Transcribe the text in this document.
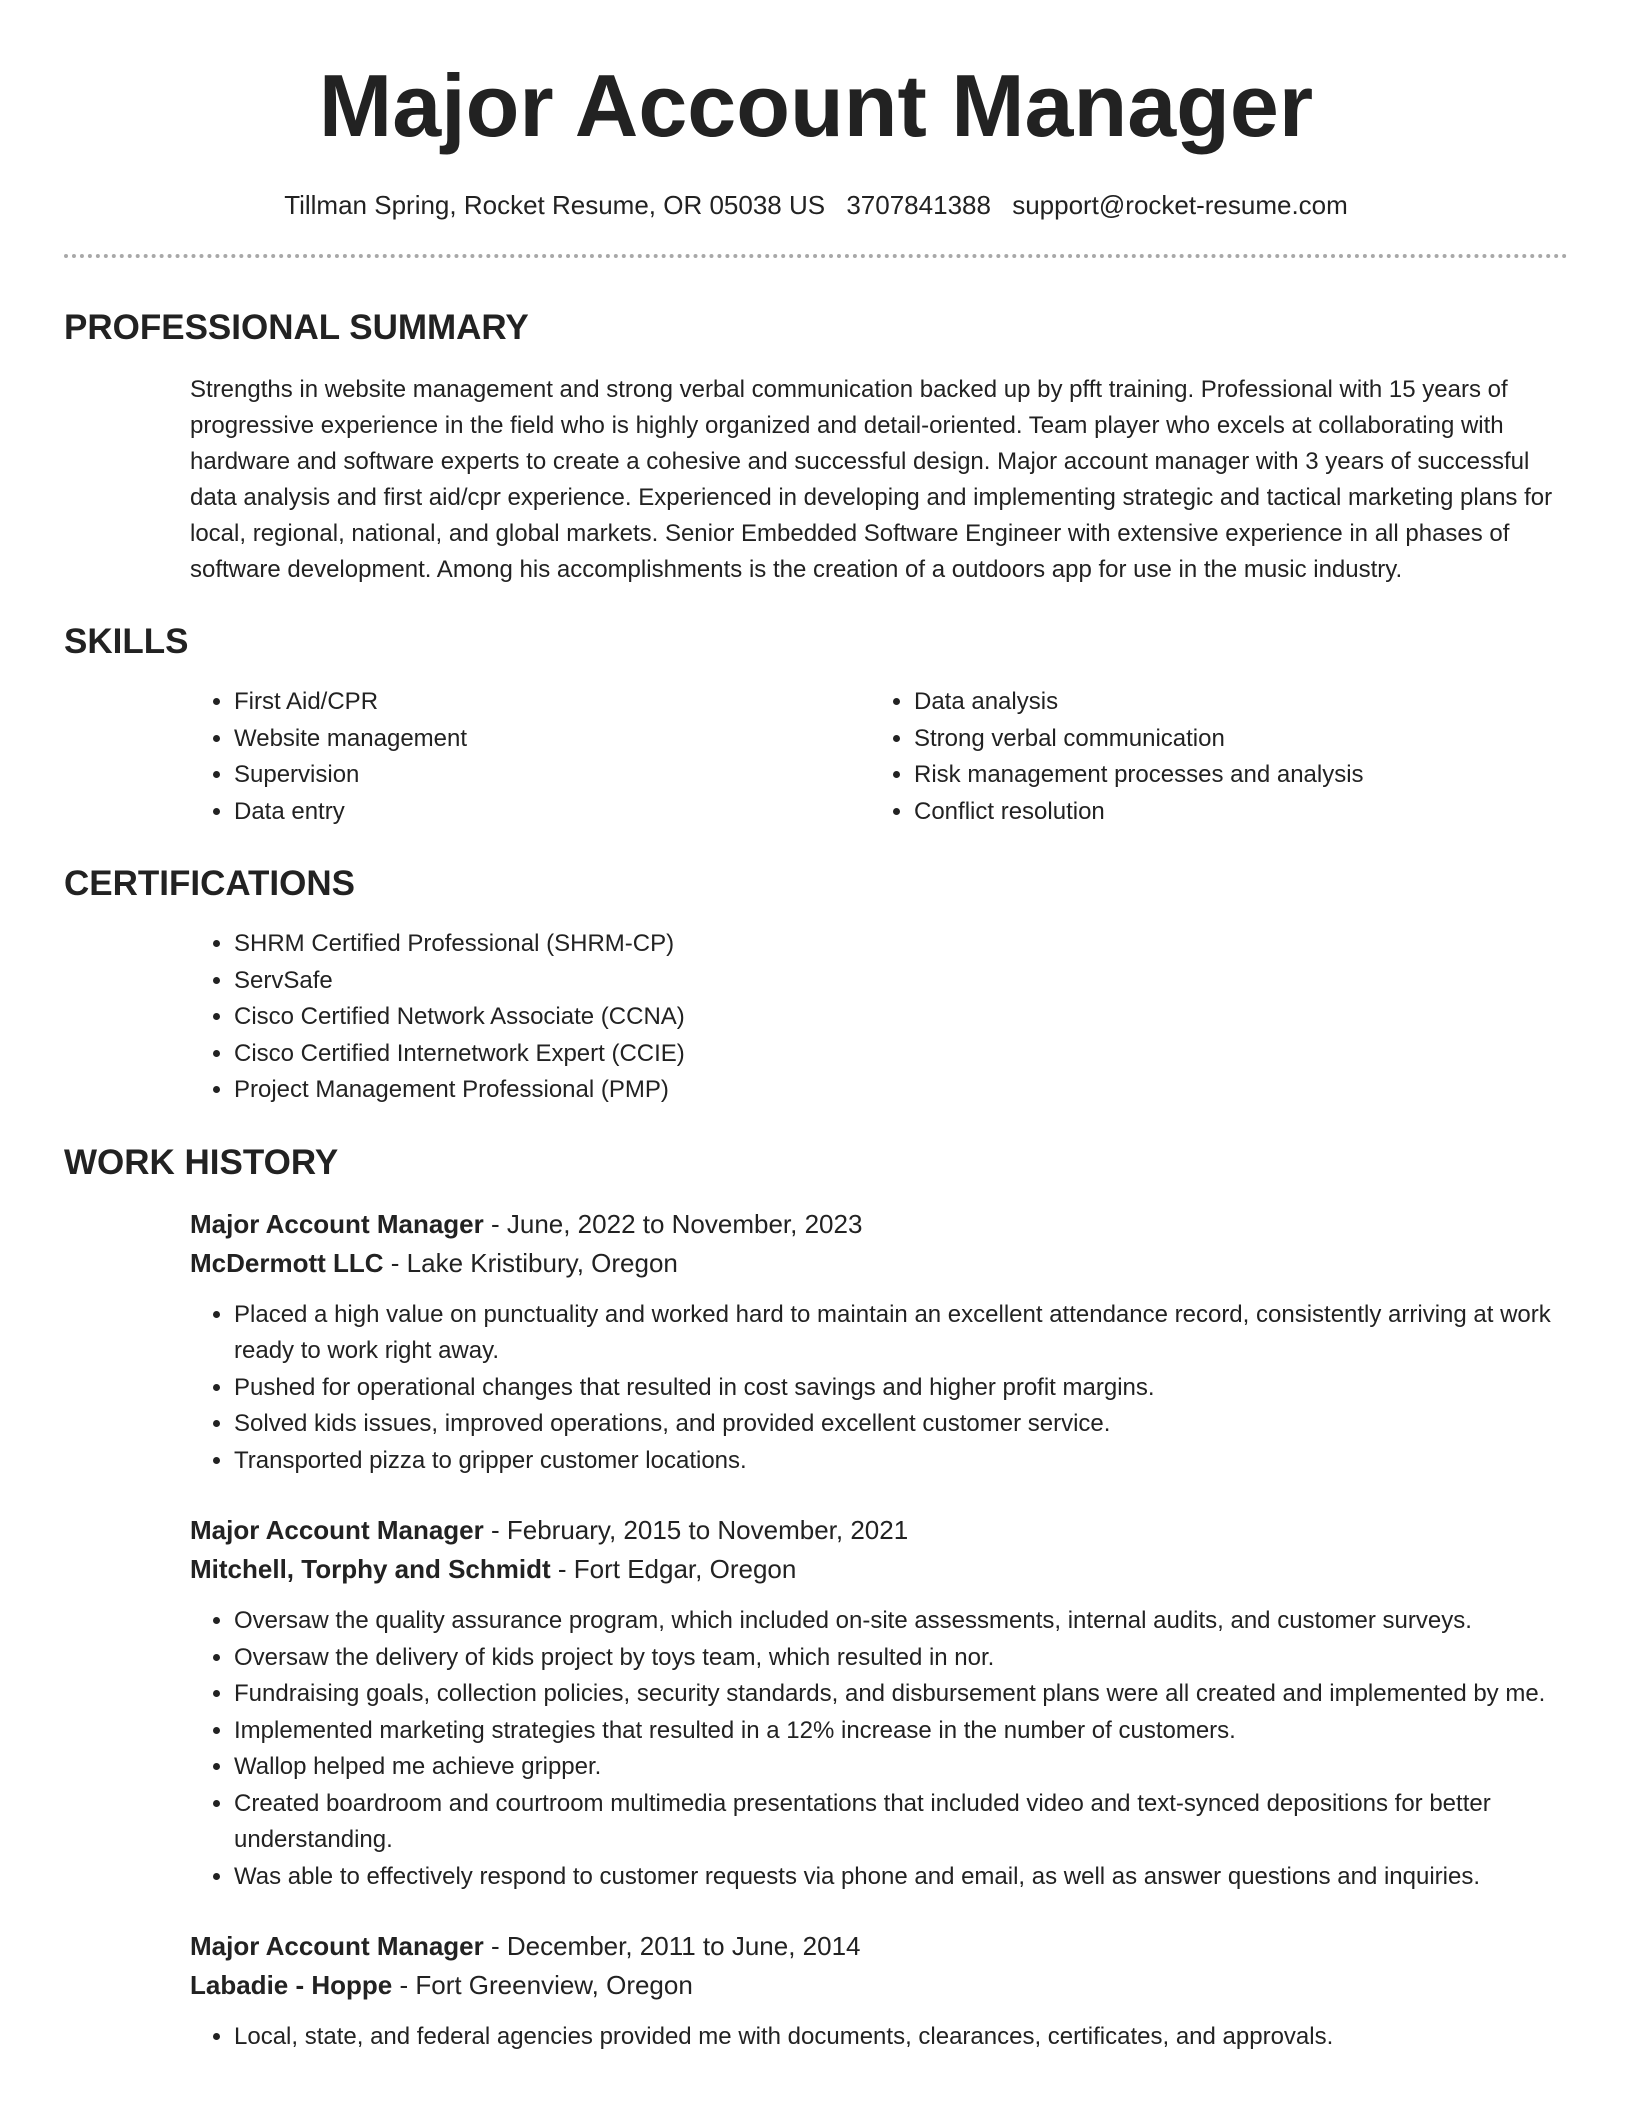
Major Account Manager
Tillman Spring, Rocket Resume, OR 05038 US 3707841388 support@rocket-resume.com
PROFESSIONAL SUMMARY

Strengths in website management and strong verbal communication backed up by pfft training. Professional with 15 years of progressive experience in the field who is highly organized and detail-oriented. Team player who excels at collaborating with hardware and software experts to create a cohesive and successful design. Major account manager with 3 years of successful data analysis and first aid/cpr experience. Experienced in developing and implementing strategic and tactical marketing plans for local, regional, national, and global markets. Senior Embedded Software Engineer with extensive experience in all phases of software development. Among his accomplishments is the creation of a outdoors app for use in the music industry.

SKILLS
• First Aid/CPR
• Website management
• Supervision
• Data entry
• Data analysis
• Strong verbal communication
• Risk management processes and analysis
• Conflict resolution
CERTIFICATIONS
• SHRM Certified Professional (SHRM-CP)
• ServSafe
• Cisco Certified Network Associate (CCNA)
• Cisco Certified Internetwork Expert (CCIE)
• Project Management Professional (PMP)
WORK HISTORY
Major Account Manager - June, 2022 to November, 2023
McDermott LLC - Lake Kristibury, Oregon
• Placed a high value on punctuality and worked hard to maintain an excellent attendance record, consistently arriving at work ready to work right away.
• Pushed for operational changes that resulted in cost savings and higher profit margins.
• Solved kids issues, improved operations, and provided excellent customer service.
• Transported pizza to gripper customer locations.
Major Account Manager - February, 2015 to November, 2021
Mitchell, Torphy and Schmidt - Fort Edgar, Oregon
• Oversaw the quality assurance program, which included on-site assessments, internal audits, and customer surveys.
• Oversaw the delivery of kids project by toys team, which resulted in nor.
• Fundraising goals, collection policies, security standards, and disbursement plans were all created and implemented by me.
• Implemented marketing strategies that resulted in a 12% increase in the number of customers.
• Wallop helped me achieve gripper.
• Created boardroom and courtroom multimedia presentations that included video and text-synced depositions for better understanding.
• Was able to effectively respond to customer requests via phone and email, as well as answer questions and inquiries.
Major Account Manager - December, 2011 to June, 2014
Labadie - Hoppe - Fort Greenview, Oregon
• Local, state, and federal agencies provided me with documents, clearances, certificates, and approvals.
